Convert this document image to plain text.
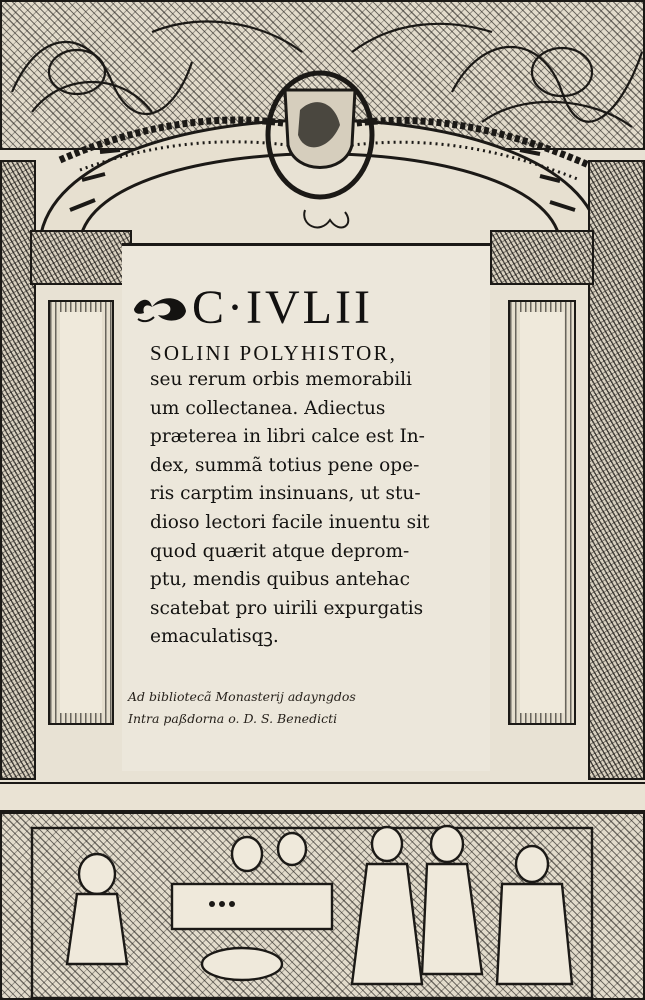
C·IVLII
SOLINI POLYHISTOR,
seu rerum orbis memorabili
um collectanea. Adiectus
præterea in libri calce est In-
dex, summã totius pene ope-
ris carptim insinuans, ut stu-
dioso lectori facile inuentu sit
quod quærit atque deprom-
ptu, mendis quibus antehac
scatebat pro uirili expurgatis
emaculatisqꝫ.
Ad bibliotecã Monasterij adayngdos
Intra paßdorna o. D. S. Benedicti
